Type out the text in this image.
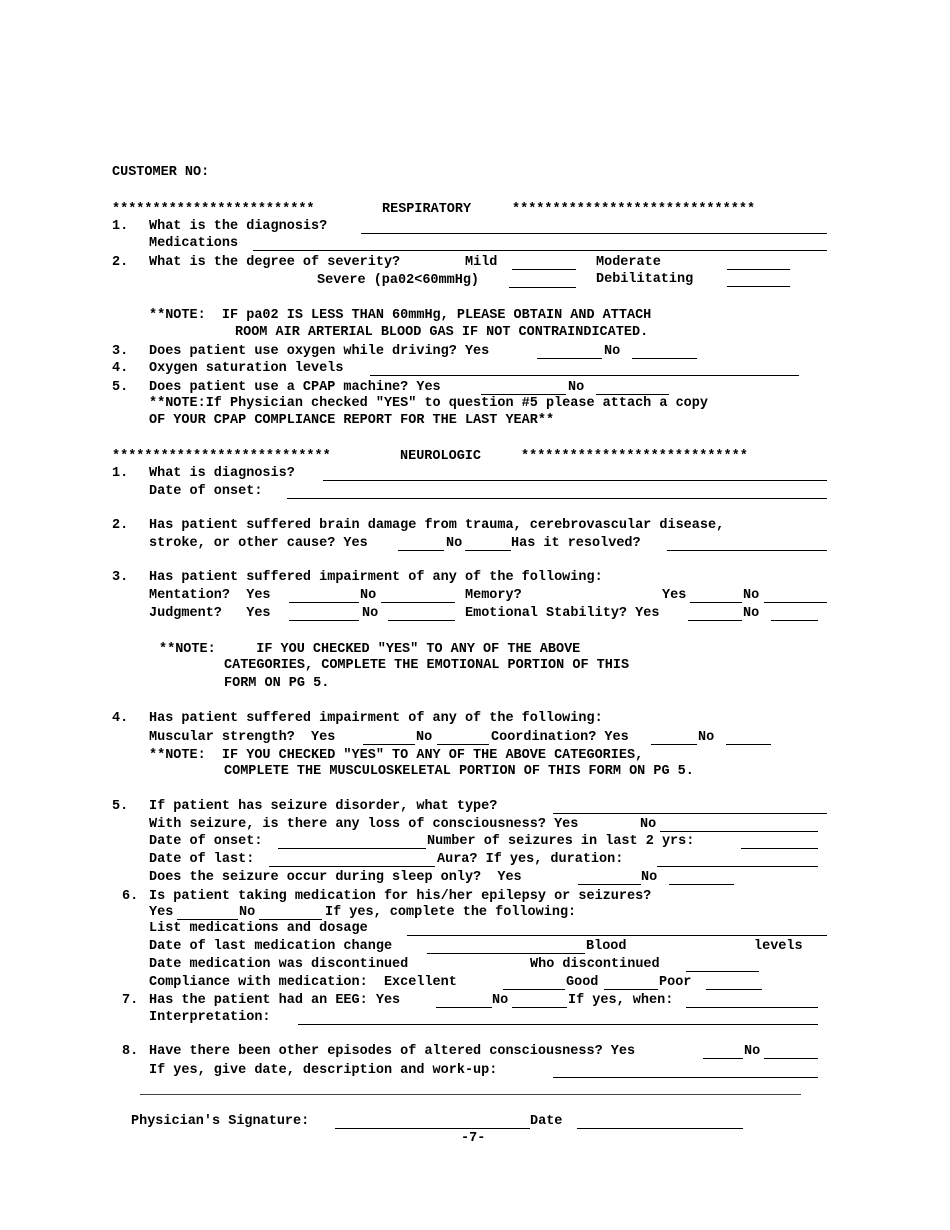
CUSTOMER NO:
*************************	RESPIRATORY	******************************
1. What is the diagnosis?
Medications
2. What is the degree of severity?	Mild	Moderate
Severe (pa02<60mmHg)	Debilitating
**NOTE:  IF pa02 IS LESS THAN 60mmHg, PLEASE OBTAIN AND ATTACH
ROOM AIR ARTERIAL BLOOD GAS IF NOT CONTRAINDICATED.
3. Does patient use oxygen while driving? Yes	No
4. Oxygen saturation levels
5. Does patient use a CPAP machine? Yes	No
**NOTE:If Physician checked "YES" to question #5 please attach a copy
OF YOUR CPAP COMPLIANCE REPORT FOR THE LAST YEAR**
***************************	NEUROLOGIC	****************************
1. What is diagnosis?
Date of onset:
2. Has patient suffered brain damage from trauma, cerebrovascular disease,
stroke, or other cause? Yes	No	Has it resolved?
3. Has patient suffered impairment of any of the following:
Mentation?  Yes	No	Memory?	Yes	No
Judgment?   Yes	No	Emotional Stability? Yes	No
**NOTE:     IF YOU CHECKED "YES" TO ANY OF THE ABOVE
CATEGORIES, COMPLETE THE EMOTIONAL PORTION OF THIS
FORM ON PG 5.
4. Has patient suffered impairment of any of the following:
Muscular strength?  Yes	No	Coordination? Yes	No
**NOTE:  IF YOU CHECKED "YES" TO ANY OF THE ABOVE CATEGORIES,
COMPLETE THE MUSCULOSKELETAL PORTION OF THIS FORM ON PG 5.
5. If patient has seizure disorder, what type?
With seizure, is there any loss of consciousness? Yes	No
Date of onset:	Number of seizures in last 2 yrs:
Date of last:	Aura? If yes, duration:
Does the seizure occur during sleep only?  Yes	No
6. Is patient taking medication for his/her epilepsy or seizures?
Yes	No	If yes, complete the following:
List medications and dosage
Date of last medication change	Blood	levels
Date medication was discontinued	Who discontinued
Compliance with medication:  Excellent	Good	Poor
7. Has the patient had an EEG: Yes	No	If yes, when:
Interpretation:
8. Have there been other episodes of altered consciousness? Yes	No
If yes, give date, description and work-up:
Physician's Signature:	Date
-7-
